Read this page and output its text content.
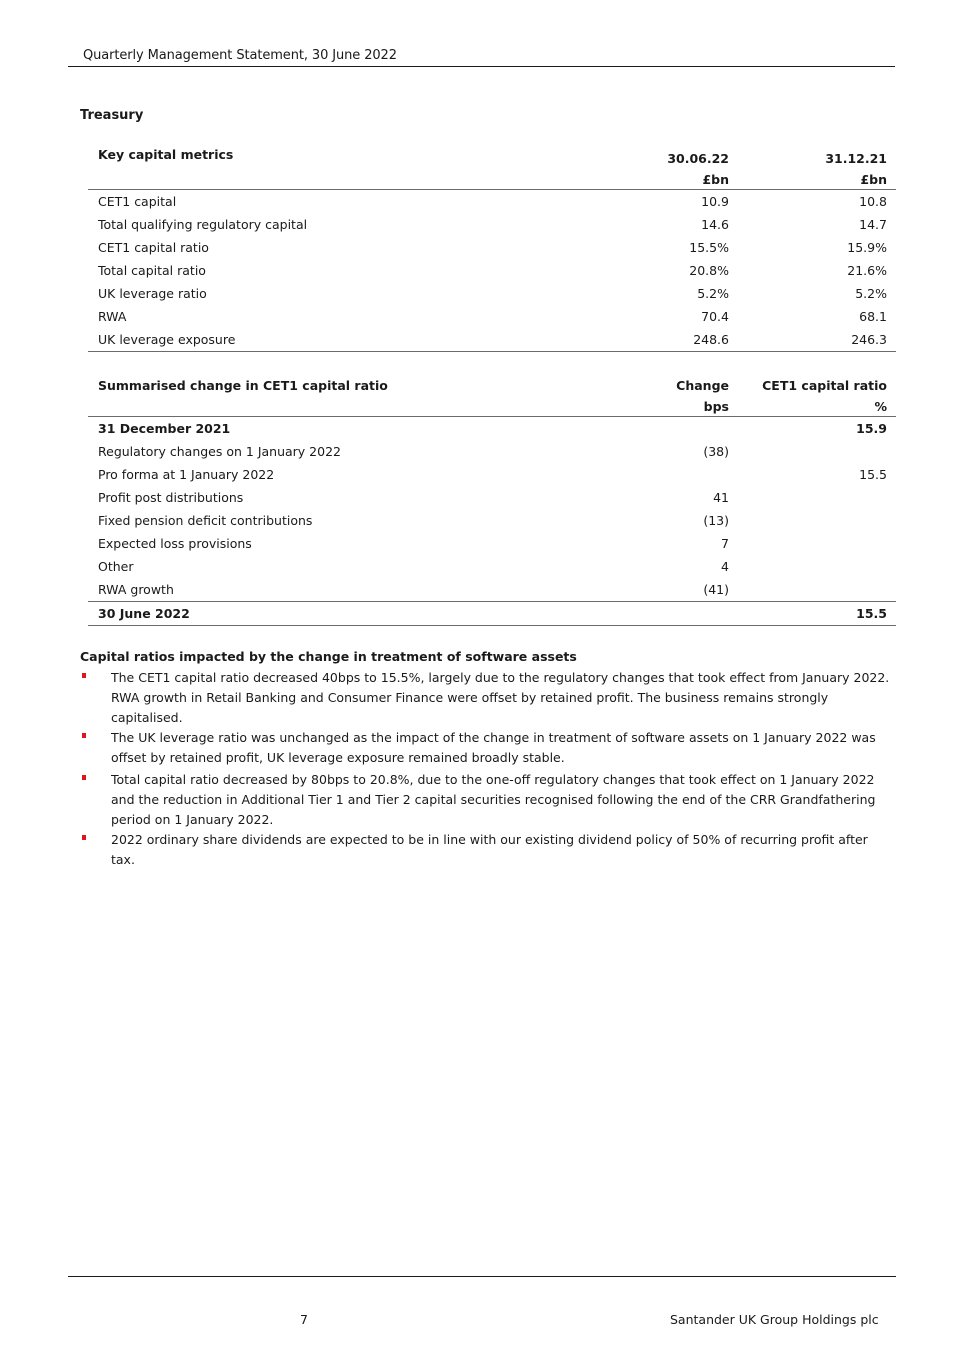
Quarterly Management Statement, 30 June 2022
Treasury
Key capital metrics	30.06.22	31.12.21
	£bn	£bn
CET1 capital	10.9	10.8
Total qualifying regulatory capital	14.6	14.7
CET1 capital ratio	15.5%	15.9%
Total capital ratio	20.8%	21.6%
UK leverage ratio	5.2%	5.2%
RWA	70.4	68.1
UK leverage exposure	248.6	246.3
Summarised change in CET1 capital ratio	Change	CET1 capital ratio
	bps	%
31 December 2021		15.9
Regulatory changes on 1 January 2022	(38)	
Pro forma at 1 January 2022		15.5
Profit post distributions	41	
Fixed pension deficit contributions	(13)	
Expected loss provisions	7	
Other	4	
RWA growth	(41)	
30 June 2022		15.5
Capital ratios impacted by the change in treatment of software assets
The CET1 capital ratio decreased 40bps to 15.5%, largely due to the regulatory changes that took effect from January 2022. RWA growth in Retail Banking and Consumer Finance were offset by retained profit. The business remains strongly capitalised.
The UK leverage ratio was unchanged as the impact of the change in treatment of software assets on 1 January 2022 was offset by retained profit, UK leverage exposure remained broadly stable.
Total capital ratio decreased by 80bps to 20.8%, due to the one-off regulatory changes that took effect on 1 January 2022 and the reduction in Additional Tier 1 and Tier 2 capital securities recognised following the end of the CRR Grandfathering period on 1 January 2022.
2022 ordinary share dividends are expected to be in line with our existing dividend policy of 50% of recurring profit after tax.
7	Santander UK Group Holdings plc
